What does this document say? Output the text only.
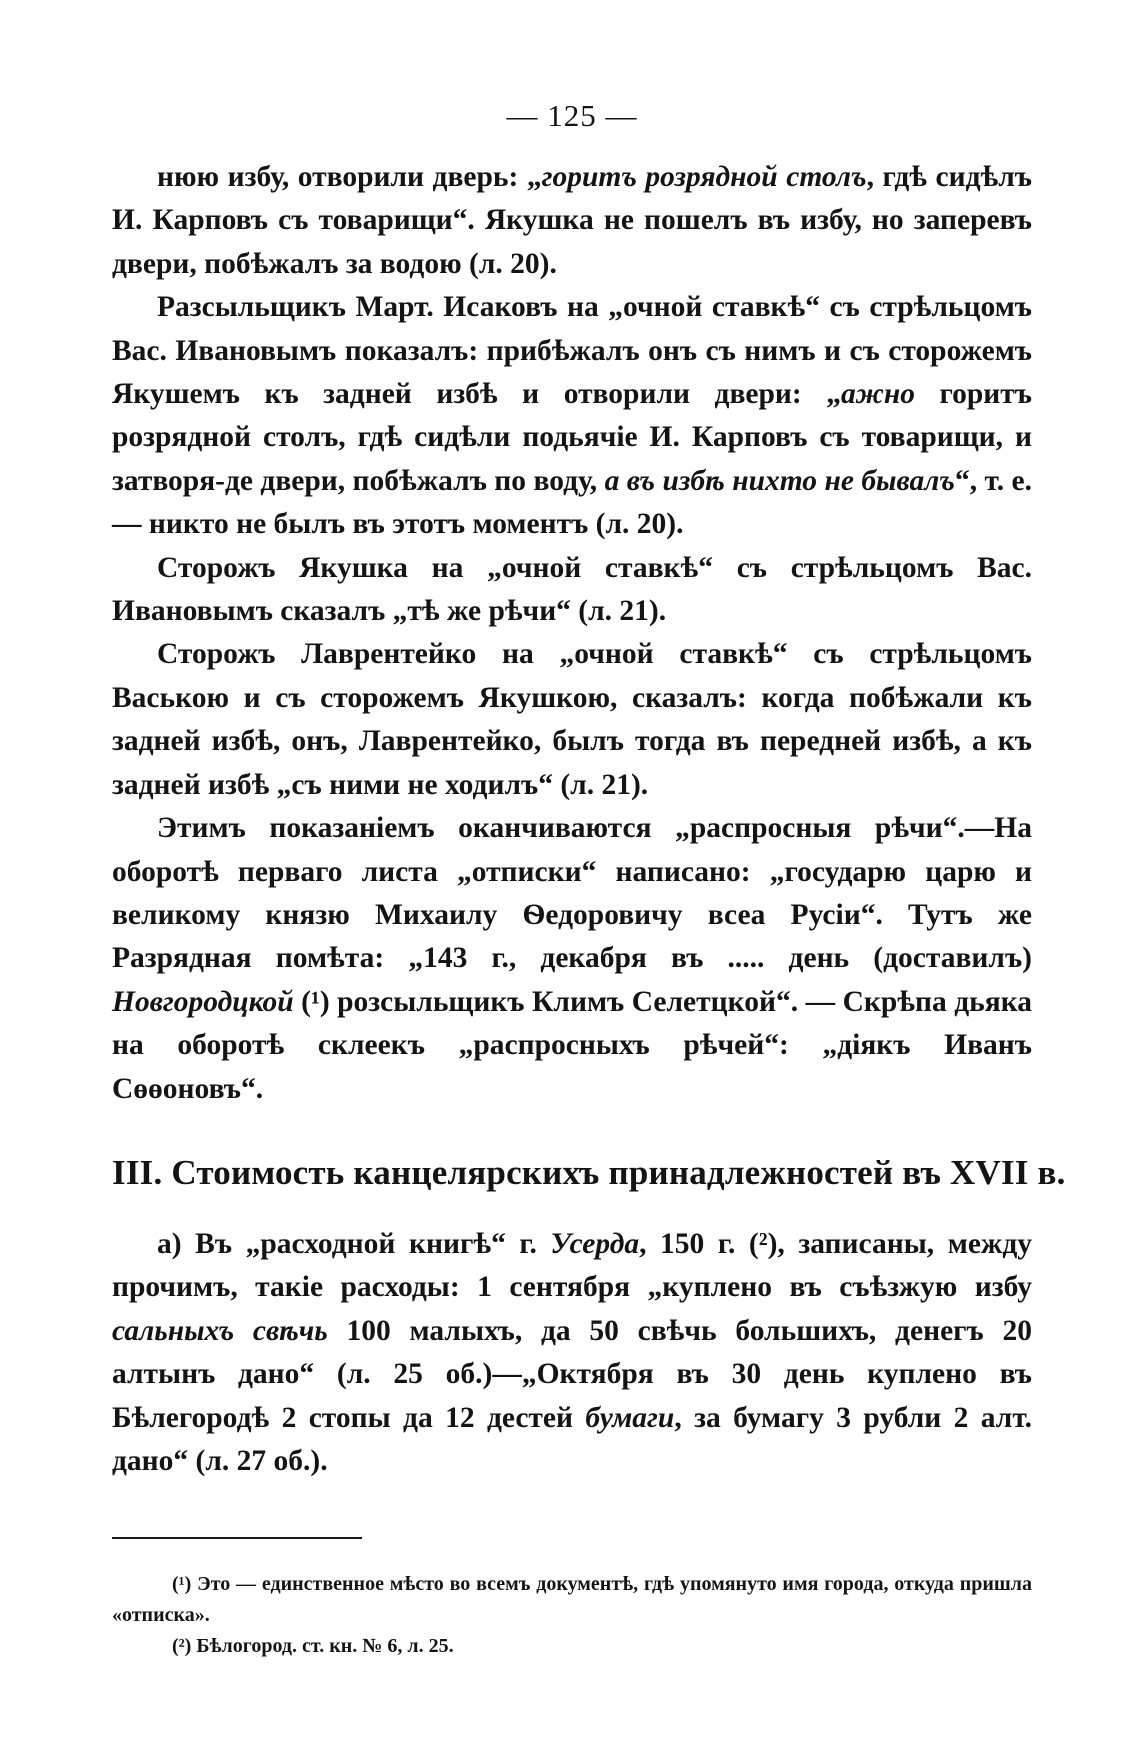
— 125 —

нюю избу, отворили дверь: „горитъ розрядной столъ, гдѣ сидѣлъ И. Карповъ съ товарищи“. Якушка не пошелъ въ избу, но заперевъ двери, побѣжалъ за водою (л. 20).

Разсыльщикъ Март. Исаковъ на „очной ставкѣ“ съ стрѣльцомъ Вас. Ивановымъ показалъ: прибѣжалъ онъ съ нимъ и съ сторожемъ Якушемъ къ задней избѣ и отворили двери: „ажно горитъ розрядной столъ, гдѣ сидѣли подьячіе И. Карповъ съ товарищи, и затворя-де двери, побѣжалъ по воду, а въ избѣ нихто не бывалъ“, т. е.— никто не былъ въ этотъ моментъ (л. 20).

Сторожъ Якушка на „очной ставкѣ“ съ стрѣльцомъ Вас. Ивановымъ сказалъ „тѣ же рѣчи“ (л. 21).

Сторожъ Лаврентейко на „очной ставкѣ“ съ стрѣльцомъ Ваською и съ сторожемъ Якушкою, сказалъ: когда побѣжали къ задней избѣ, онъ, Лаврентейко, былъ тогда въ передней избѣ, а къ задней избѣ „съ ними не ходилъ“ (л. 21).

Этимъ показаніемъ оканчиваются „распросныя рѣчи“.—На оборотѣ перваго листа „отписки“ написано: „государю царю и великому князю Михаилу Ѳедоровичу всеа Русіи“. Тутъ же Разрядная помѣта: „143 г., декабря въ ..... день (доставилъ) Новгородцкой (¹) розсыльщикъ Климъ Селетцкой“. — Скрѣпа дьяка на оборотѣ склеекъ „распросныхъ рѣчей“: „діякъ Иванъ Сөөоновъ“.

III. Стоимость канцелярскихъ принадлежностей въ XVII в.

а) Въ „расходной книгѣ“ г. Усерда, 150 г. (²), записаны, между прочимъ, такіе расходы: 1 сентября „куплено въ съѣзжую избу сальныхъ свѣчь 100 малыхъ, да 50 свѣчь большихъ, денегъ 20 алтынъ дано“ (л. 25 об.)—„Октября въ 30 день куплено въ Бѣлегородѣ 2 стопы да 12 дестей бумаги, за бумагу 3 рубли 2 алт. дано“ (л. 27 об.).

(¹) Это — единственное мѣсто во всемъ документѣ, гдѣ упомянуто имя города, откуда пришла «отписка».

(²) Бѣлогород. ст. кн. № 6, л. 25.
